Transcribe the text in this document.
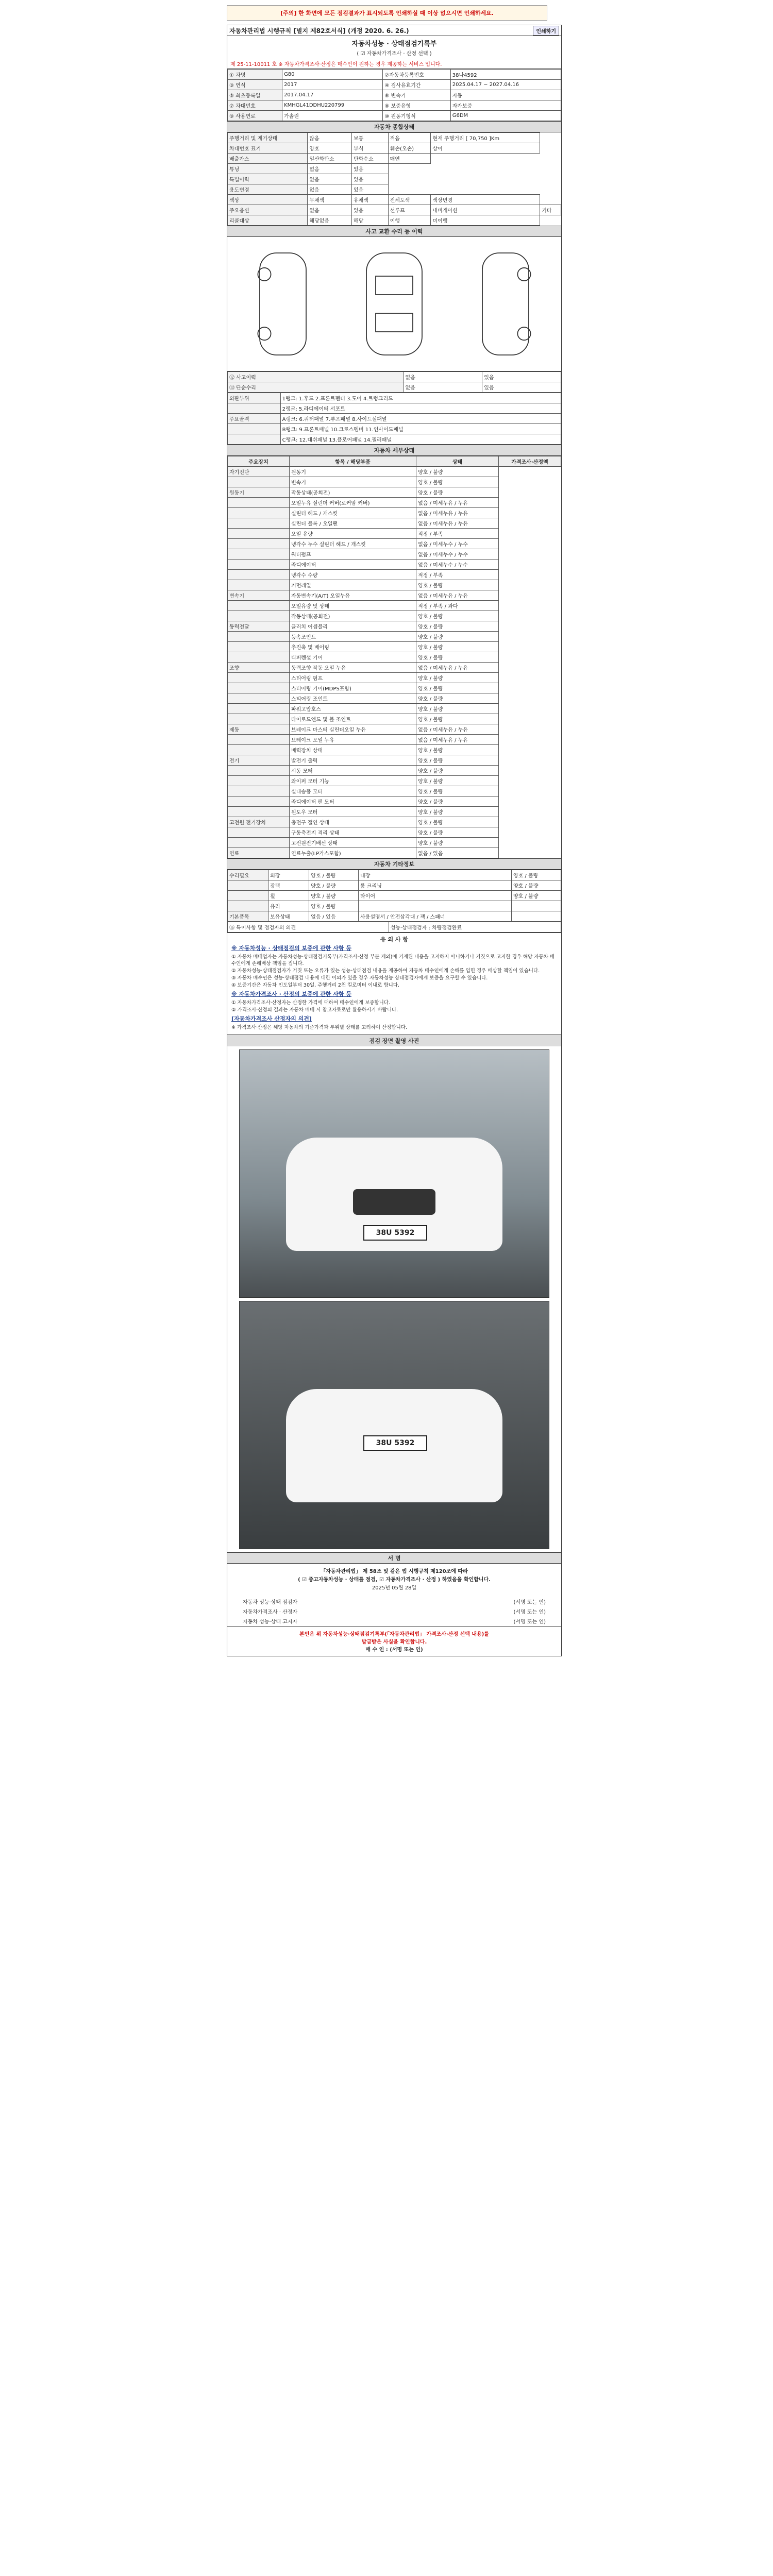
[주의] 한 화면에 모든 점검결과가 표시되도록 인쇄하실 때 이상 없으시면 인쇄하세요.
자동차관리법 시행규칙 [별지 제82호서식] (개정 2020. 6. 26.)	인쇄하기
자동차성능 · 상태점검기록부
( ☑ 자동차가격조사 · 산정 선택 )
제 25-11-10011 호 ※ 자동차가격조사·산정은 매수인이 원하는 경우 제공하는 서비스 입니다.
① 차명	G80	②자동차등록번호	38나4592
③ 연식	2017	④ 검사유효기간	2025.04.17 ~ 2027.04.16
⑤ 최초등록일	2017.04.17	⑥ 변속기	자동
⑦ 차대번호	KMHGL41DDHU220799	⑧ 보증유형	자가보증
⑨ 사용연료	가솔린	⑩ 원동기형식	G6DM
자동차 종합상태
주행거리 및 계기상태	많음	보통	적음	현재 주행거리 [ 70,750 ]Km	
차대번호 표기	양호	부식	훼손(오손)	상이	
배출가스	일산화탄소	탄화수소	매연		
튜닝	없음	있음			
특별이력	없음	있음			
용도변경	없음	있음			
색상	무채색	유채색	전체도색	색상변경	
주요옵션	없음	있음	선루프	내비게이션	기타
리콜대상	해당없음	해당	이행	미이행	
사고 교환 수리 등 이력
⑫ 사고이력	없음	있음
⑬ 단순수리	없음	있음
외판부위	1랭크: 1.후드 2.프론트펜더 3.도어 4.트렁크리드
	2랭크: 5.라디에이터 서포트
주요골격	A랭크: 6.쿼터패널 7.루프패널 8.사이드실패널
	B랭크: 9.프론트패널 10.크로스멤버 11.인사이드패널
	C랭크: 12.대쉬패널 13.플로어패널 14.필러패널
자동차 세부상태
주요장치	항목 / 해당부품	상태	가격조사·산정액
자기진단	원동기	양호 / 불량	
	변속기	양호 / 불량	
원동기	작동상태(공회전)	양호 / 불량	
	오일누유 실린더 커버(로커암 커버)	없음 / 미세누유 / 누유	
	실린더 헤드 / 개스킷	없음 / 미세누유 / 누유	
	실린더 블록 / 오일팬	없음 / 미세누유 / 누유	
	오일 유량	적정 / 부족	
	냉각수 누수 실린더 헤드 / 개스킷	없음 / 미세누수 / 누수	
	워터펌프	없음 / 미세누수 / 누수	
	라디에이터	없음 / 미세누수 / 누수	
	냉각수 수량	적정 / 부족	
	커먼레일	양호 / 불량	
변속기	자동변속기(A/T) 오일누유	없음 / 미세누유 / 누유	
	오일유량 및 상태	적정 / 부족 / 과다	
	작동상태(공회전)	양호 / 불량	
동력전달	클러치 어셈블리	양호 / 불량	
	등속조인트	양호 / 불량	
	추진축 및 베어링	양호 / 불량	
	디퍼렌셜 기어	양호 / 불량	
조향	동력조향 작동 오일 누유	없음 / 미세누유 / 누유	
	스티어링 펌프	양호 / 불량	
	스티어링 기어(MDPS포함)	양호 / 불량	
	스티어링 조인트	양호 / 불량	
	파워고압호스	양호 / 불량	
	타이로드엔드 및 볼 조인트	양호 / 불량	
제동	브레이크 마스터 실린더오일 누유	없음 / 미세누유 / 누유	
	브레이크 오일 누유	없음 / 미세누유 / 누유	
	배력장치 상태	양호 / 불량	
전기	발전기 출력	양호 / 불량	
	시동 모터	양호 / 불량	
	와이퍼 모터 기능	양호 / 불량	
	실내송풍 모터	양호 / 불량	
	라디에이터 팬 모터	양호 / 불량	
	윈도우 모터	양호 / 불량	
고전원 전기장치	충전구 절연 상태	양호 / 불량	
	구동축전지 격리 상태	양호 / 불량	
	고전원전기배선 상태	양호 / 불량	
연료	연료누출(LP가스포함)	없음 / 있음	
자동차 기타정보
수리필요	외장	양호 / 불량	내장	양호 / 불량
	광택	양호 / 불량	룸 크리닝	양호 / 불량
	휠	양호 / 불량	타이어	양호 / 불량
	유리	양호 / 불량		
기본품목	보유상태	없음 / 있음	사용설명서 / 안전삼각대 / 잭 / 스패너	
⑯ 특이사항 및 점검자의 의견	성능·상태점검자 : 차량점검완료
유 의 사 항
※ 자동차성능 · 상태점검의 보증에 관한 사항 등

① 자동차 매매업자는 자동차성능·상태점검기록부(가격조사·산정 부분 제외)에 기재된 내용을 고지하지 아니하거나 거짓으로 고지한 경우 해당 자동차 매수인에게 손해배상 책임을 집니다.

② 자동차성능·상태점검자가 거짓 또는 오류가 있는 성능·상태점검 내용을 제공하여 자동차 매수인에게 손해를 입힌 경우 배상할 책임이 있습니다.

③ 자동차 매수인은 성능·상태점검 내용에 대한 이의가 있을 경우 자동차성능·상태점검자에게 보증을 요구할 수 있습니다.

④ 보증기간은 자동차 인도일부터 30일, 주행거리 2천 킬로미터 이내로 합니다.

※ 자동차가격조사 · 산정의 보증에 관한 사항 등

① 자동차가격조사·산정자는 산정한 가격에 대하여 매수인에게 보증합니다.

② 가격조사·산정의 결과는 자동차 매매 시 참고자료로만 활용하시기 바랍니다.

[자동차가격조사 산정자의 의견]

※ 가격조사·산정은 해당 자동차의 기준가격과 부위별 상태를 고려하여 산정합니다.

점검 장면 촬영 사진
38U 5392
38U 5392
서 명
「자동차관리법」 제 58조 및 같은 법 시행규칙 제120조에 따라
( ☑ 중고자동차성능 · 상태를 점검, ☑ 자동차가격조사 · 산정 ) 하였음을 확인합니다.
2025년 05월 28일
자동차 성능·상태 점검자	(서명 또는 인)
자동차가격조사 · 산정자	(서명 또는 인)
자동차 성능·상태 고지자	(서명 또는 인)
본인은 위 자동차성능·상태점검기록부(「자동차관리법」 가격조사·산정 선택 내용)를
발급받은 사실을 확인합니다.
매 수 인 : (서명 또는 인)
